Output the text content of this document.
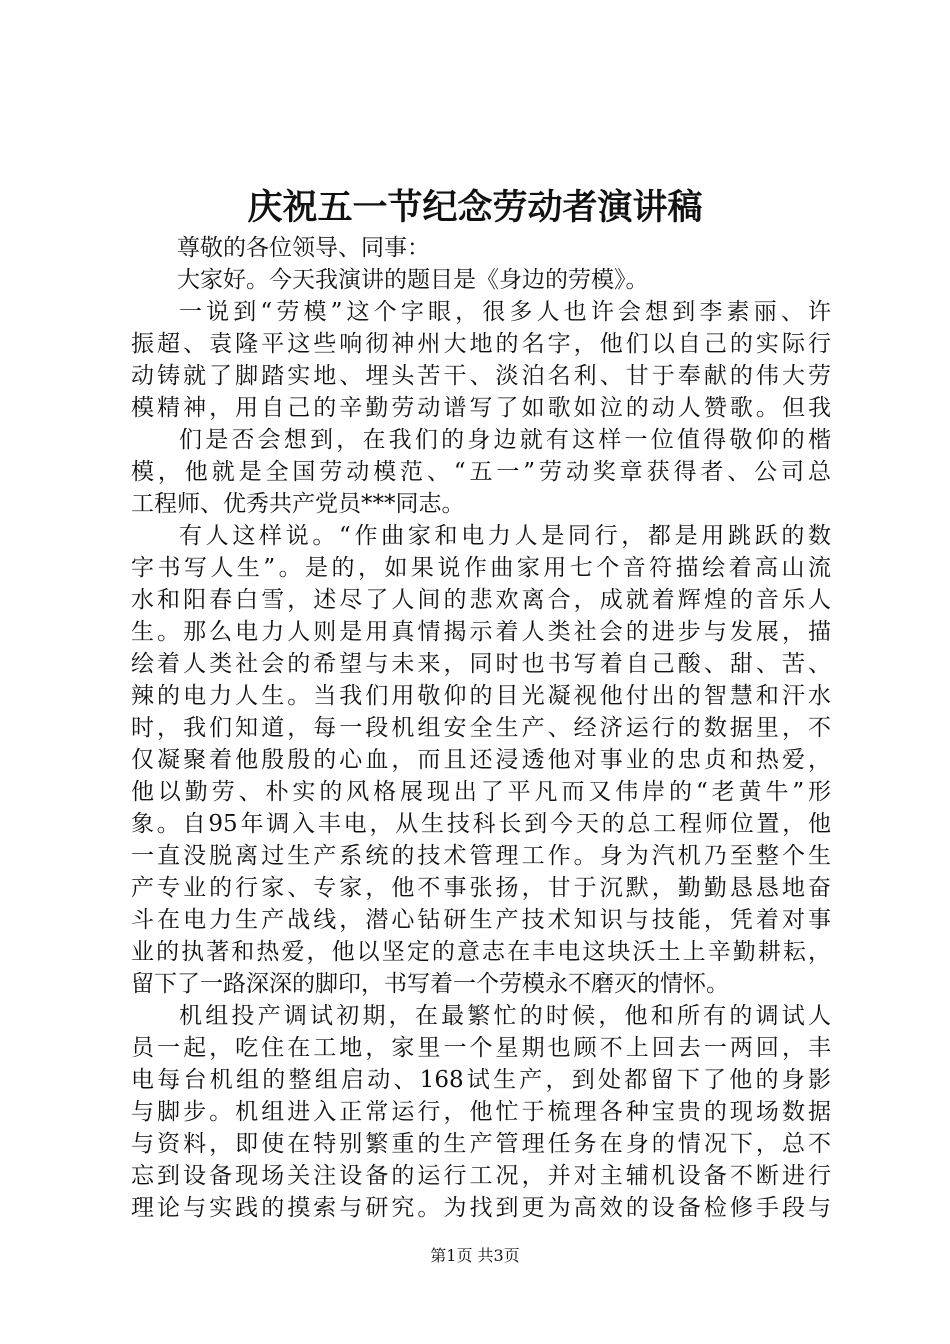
庆祝五一节纪念劳动者演讲稿
尊敬的各位领导、同事：
大家好。今天我演讲的题目是《身边的劳模》。
一说到“劳模”这个字眼，很多人也许会想到李素丽、许
振超、袁隆平这些响彻神州大地的名字，他们以自己的实际行
动铸就了脚踏实地、埋头苦干、淡泊名利、甘于奉献的伟大劳
模精神，用自己的辛勤劳动谱写了如歌如泣的动人赞歌。但我
们是否会想到，在我们的身边就有这样一位值得敬仰的楷
模，他就是全国劳动模范、“五一”劳动奖章获得者、公司总
工程师、优秀共产党员***同志。
有人这样说。“作曲家和电力人是同行，都是用跳跃的数
字书写人生”。是的，如果说作曲家用七个音符描绘着高山流
水和阳春白雪，述尽了人间的悲欢离合，成就着辉煌的音乐人
生。那么电力人则是用真情揭示着人类社会的进步与发展，描
绘着人类社会的希望与未来，同时也书写着自己酸、甜、苦、
辣的电力人生。当我们用敬仰的目光凝视他付出的智慧和汗水
时，我们知道，每一段机组安全生产、经济运行的数据里，不
仅凝聚着他殷殷的心血，而且还浸透他对事业的忠贞和热爱，
他以勤劳、朴实的风格展现出了平凡而又伟岸的“老黄牛”形
象。自95年调入丰电，从生技科长到今天的总工程师位置，他
一直没脱离过生产系统的技术管理工作。身为汽机乃至整个生
产专业的行家、专家，他不事张扬，甘于沉默，勤勤恳恳地奋
斗在电力生产战线，潜心钻研生产技术知识与技能，凭着对事
业的执著和热爱，他以坚定的意志在丰电这块沃土上辛勤耕耘，
留下了一路深深的脚印，书写着一个劳模永不磨灭的情怀。
机组投产调试初期，在最繁忙的时候，他和所有的调试人
员一起，吃住在工地，家里一个星期也顾不上回去一两回，丰
电每台机组的整组启动、168试生产，到处都留下了他的身影
与脚步。机组进入正常运行，他忙于梳理各种宝贵的现场数据
与资料，即使在特别繁重的生产管理任务在身的情况下，总不
忘到设备现场关注设备的运行工况，并对主辅机设备不断进行
理论与实践的摸索与研究。为找到更为高效的设备检修手段与
第1页 共3页
